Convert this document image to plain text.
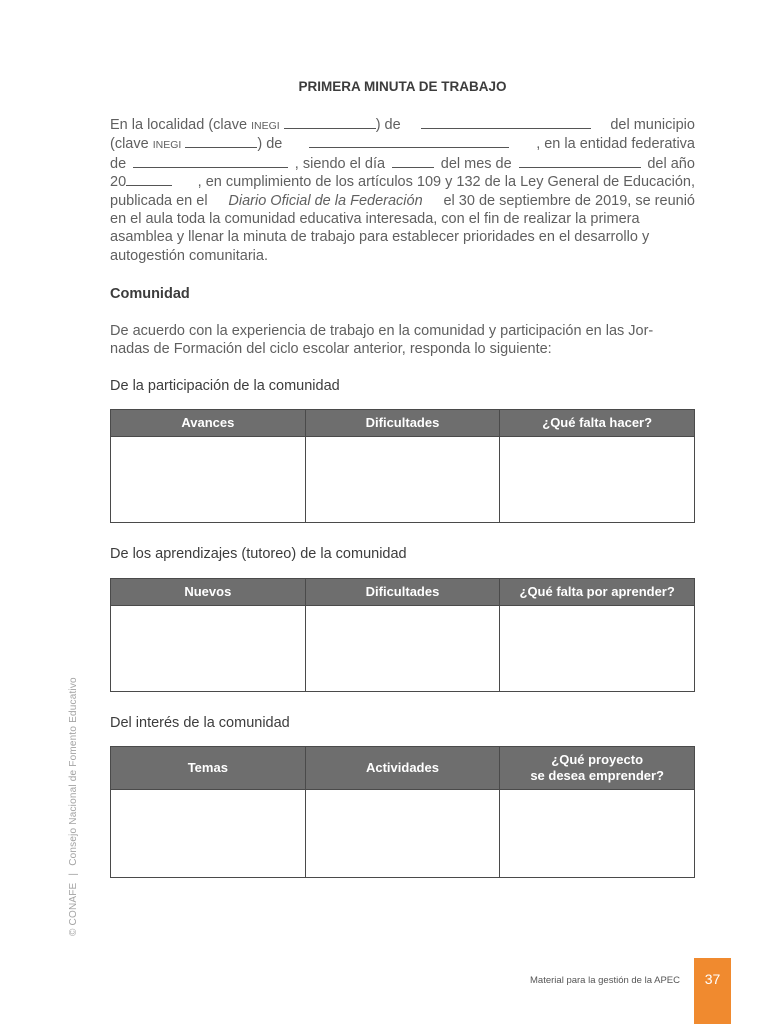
PRIMERA MINUTA DE TRABAJO
En la localidad (clave INEGI	) de	del municipio
(clave INEGI	) de	, en la entidad federativa
de	, siendo el día	del mes de	del año
20	, en cumplimiento de los artículos 109 y 132 de la Ley General de Educación,
publicada en el Diario Oficial de la Federación el 30 de septiembre de 2019, se reunió
en el aula toda la comunidad educativa interesada, con el fin de realizar la primera
asamblea y llenar la minuta de trabajo para establecer prioridades en el desarrollo y
autogestión comunitaria.
Comunidad
De acuerdo con la experiencia de trabajo en la comunidad y participación en las Jor-
nadas de Formación del ciclo escolar anterior, responda lo siguiente:
De la participación de la comunidad
Avances	Dificultades	¿Qué falta hacer?

De los aprendizajes (tutoreo) de la comunidad
Nuevos	Dificultades	¿Qué falta por aprender?

Del interés de la comunidad
Temas	Actividades	¿Qué proyecto
se desea emprender?

© CONAFE | Consejo Nacional de Fomento Educativo
Material para la gestión de la APEC	37
